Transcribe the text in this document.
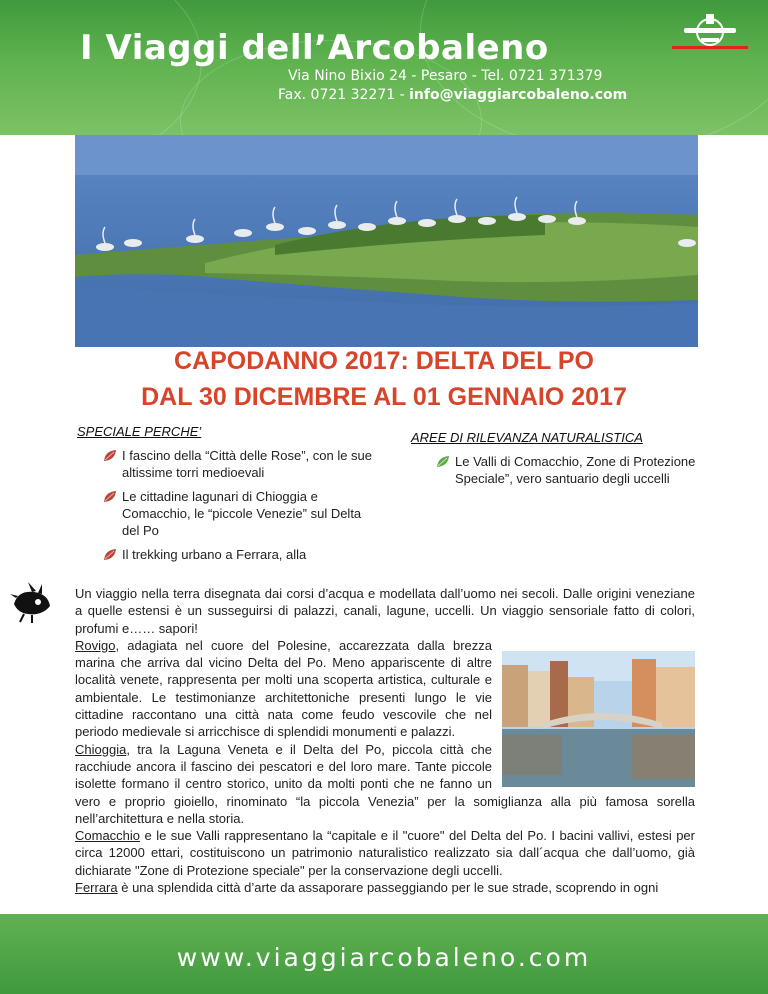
I Viaggi dell’Arcobaleno
Via Nino Bixio 24 - Pesaro - Tel. 0721 371379
Fax. 0721 32271 - info@viaggiarcobaleno.com
CAPODANNO 2017: DELTA DEL PO
DAL 30 DICEMBRE AL 01 GENNAIO 2017
SPECIALE PERCHE’
I fascino della “Città delle Rose”, con le sue altissime torri medioevali
Le cittadine lagunari di Chioggia e Comacchio, le “piccole Venezie” sul Delta del Po
Il trekking urbano a Ferrara, alla
AREE DI RILEVANZA NATURALISTICA
Le Valli di Comacchio, Zone di Protezione Speciale”, vero santuario degli uccelli

Un viaggio nella terra disegnata dai corsi d’acqua e modellata dall’uomo nei secoli. Dalle origini veneziane a quelle estensi è un susseguirsi di palazzi, canali, lagune, uccelli. Un viaggio sensoriale fatto di colori, profumi e…… sapori!

Rovigo, adagiata nel cuore del Polesine, accarezzata dalla brezza marina che arriva dal vicino Delta del Po. Meno appariscente di altre località venete, rappresenta per molti una scoperta artistica, culturale e ambientale. Le testimonianze architettoniche presenti lungo le vie cittadine raccontano una città nata come feudo vescovile che nel periodo medievale si arricchisce di splendidi monumenti e palazzi.

Chioggia, tra la Laguna Veneta e il Delta del Po, piccola città che racchiude ancora il fascino dei pescatori e del loro mare. Tante piccole isolette formano il centro storico, unito da molti ponti che ne fanno un vero e proprio gioiello, rinominato “la piccola Venezia” per la somiglianza alla più famosa sorella nell’architettura e nella storia.

Comacchio e le sue Valli rappresentano la “capitale e il "cuore" del Delta del Po. I bacini vallivi, estesi per circa 12000 ettari, costituiscono un patrimonio naturalistico realizzato sia dall´acqua che dall’uomo, già dichiarate "Zone di Protezione speciale" per la conservazione degli uccelli.

Ferrara è una splendida città d’arte da assaporare passeggiando per le sue strade, scoprendo in ogni

www.viaggiarcobaleno.com
